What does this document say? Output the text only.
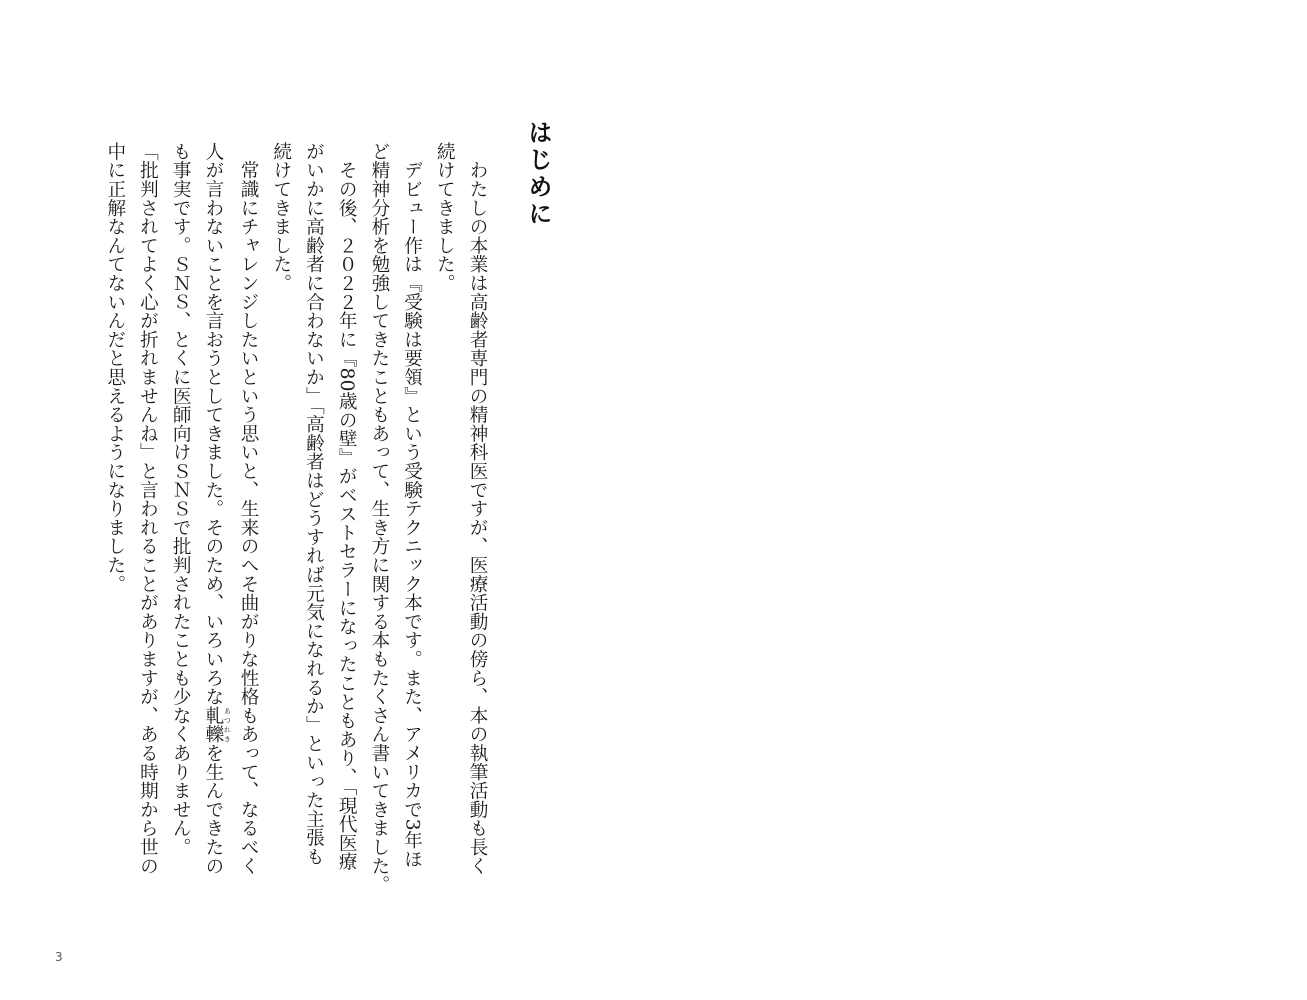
はじめに
　わたしの本業は高齢者専門の精神科医ですが、医療活動の傍ら、本の執筆活動も長く
続けてきました。
　デビュー作は『受験は要領』という受験テクニック本です。また、アメリカで3年ほ
ど精神分析を勉強してきたこともあって、生き方に関する本もたくさん書いてきました。
　その後、２０２２年に『80歳の壁』がベストセラーになったこともあり、「現代医療
がいかに高齢者に合わないか」「高齢者はどうすれば元気になれるか」といった主張も
続けてきました。
　常識にチャレンジしたいという思いと、生来のへそ曲がりな性格もあって、なるべく
人が言わないことを言おうとしてきました。そのため、いろいろな軋轢 あつれきを生んできたの
も事実です。ＳＮＳ、とくに医師向けＳＮＳで批判されたことも少なくありません。
「批判されてよく心が折れませんね」と言われることがありますが、ある時期から世の
中に正解なんてないんだと思えるようになりました。
3
